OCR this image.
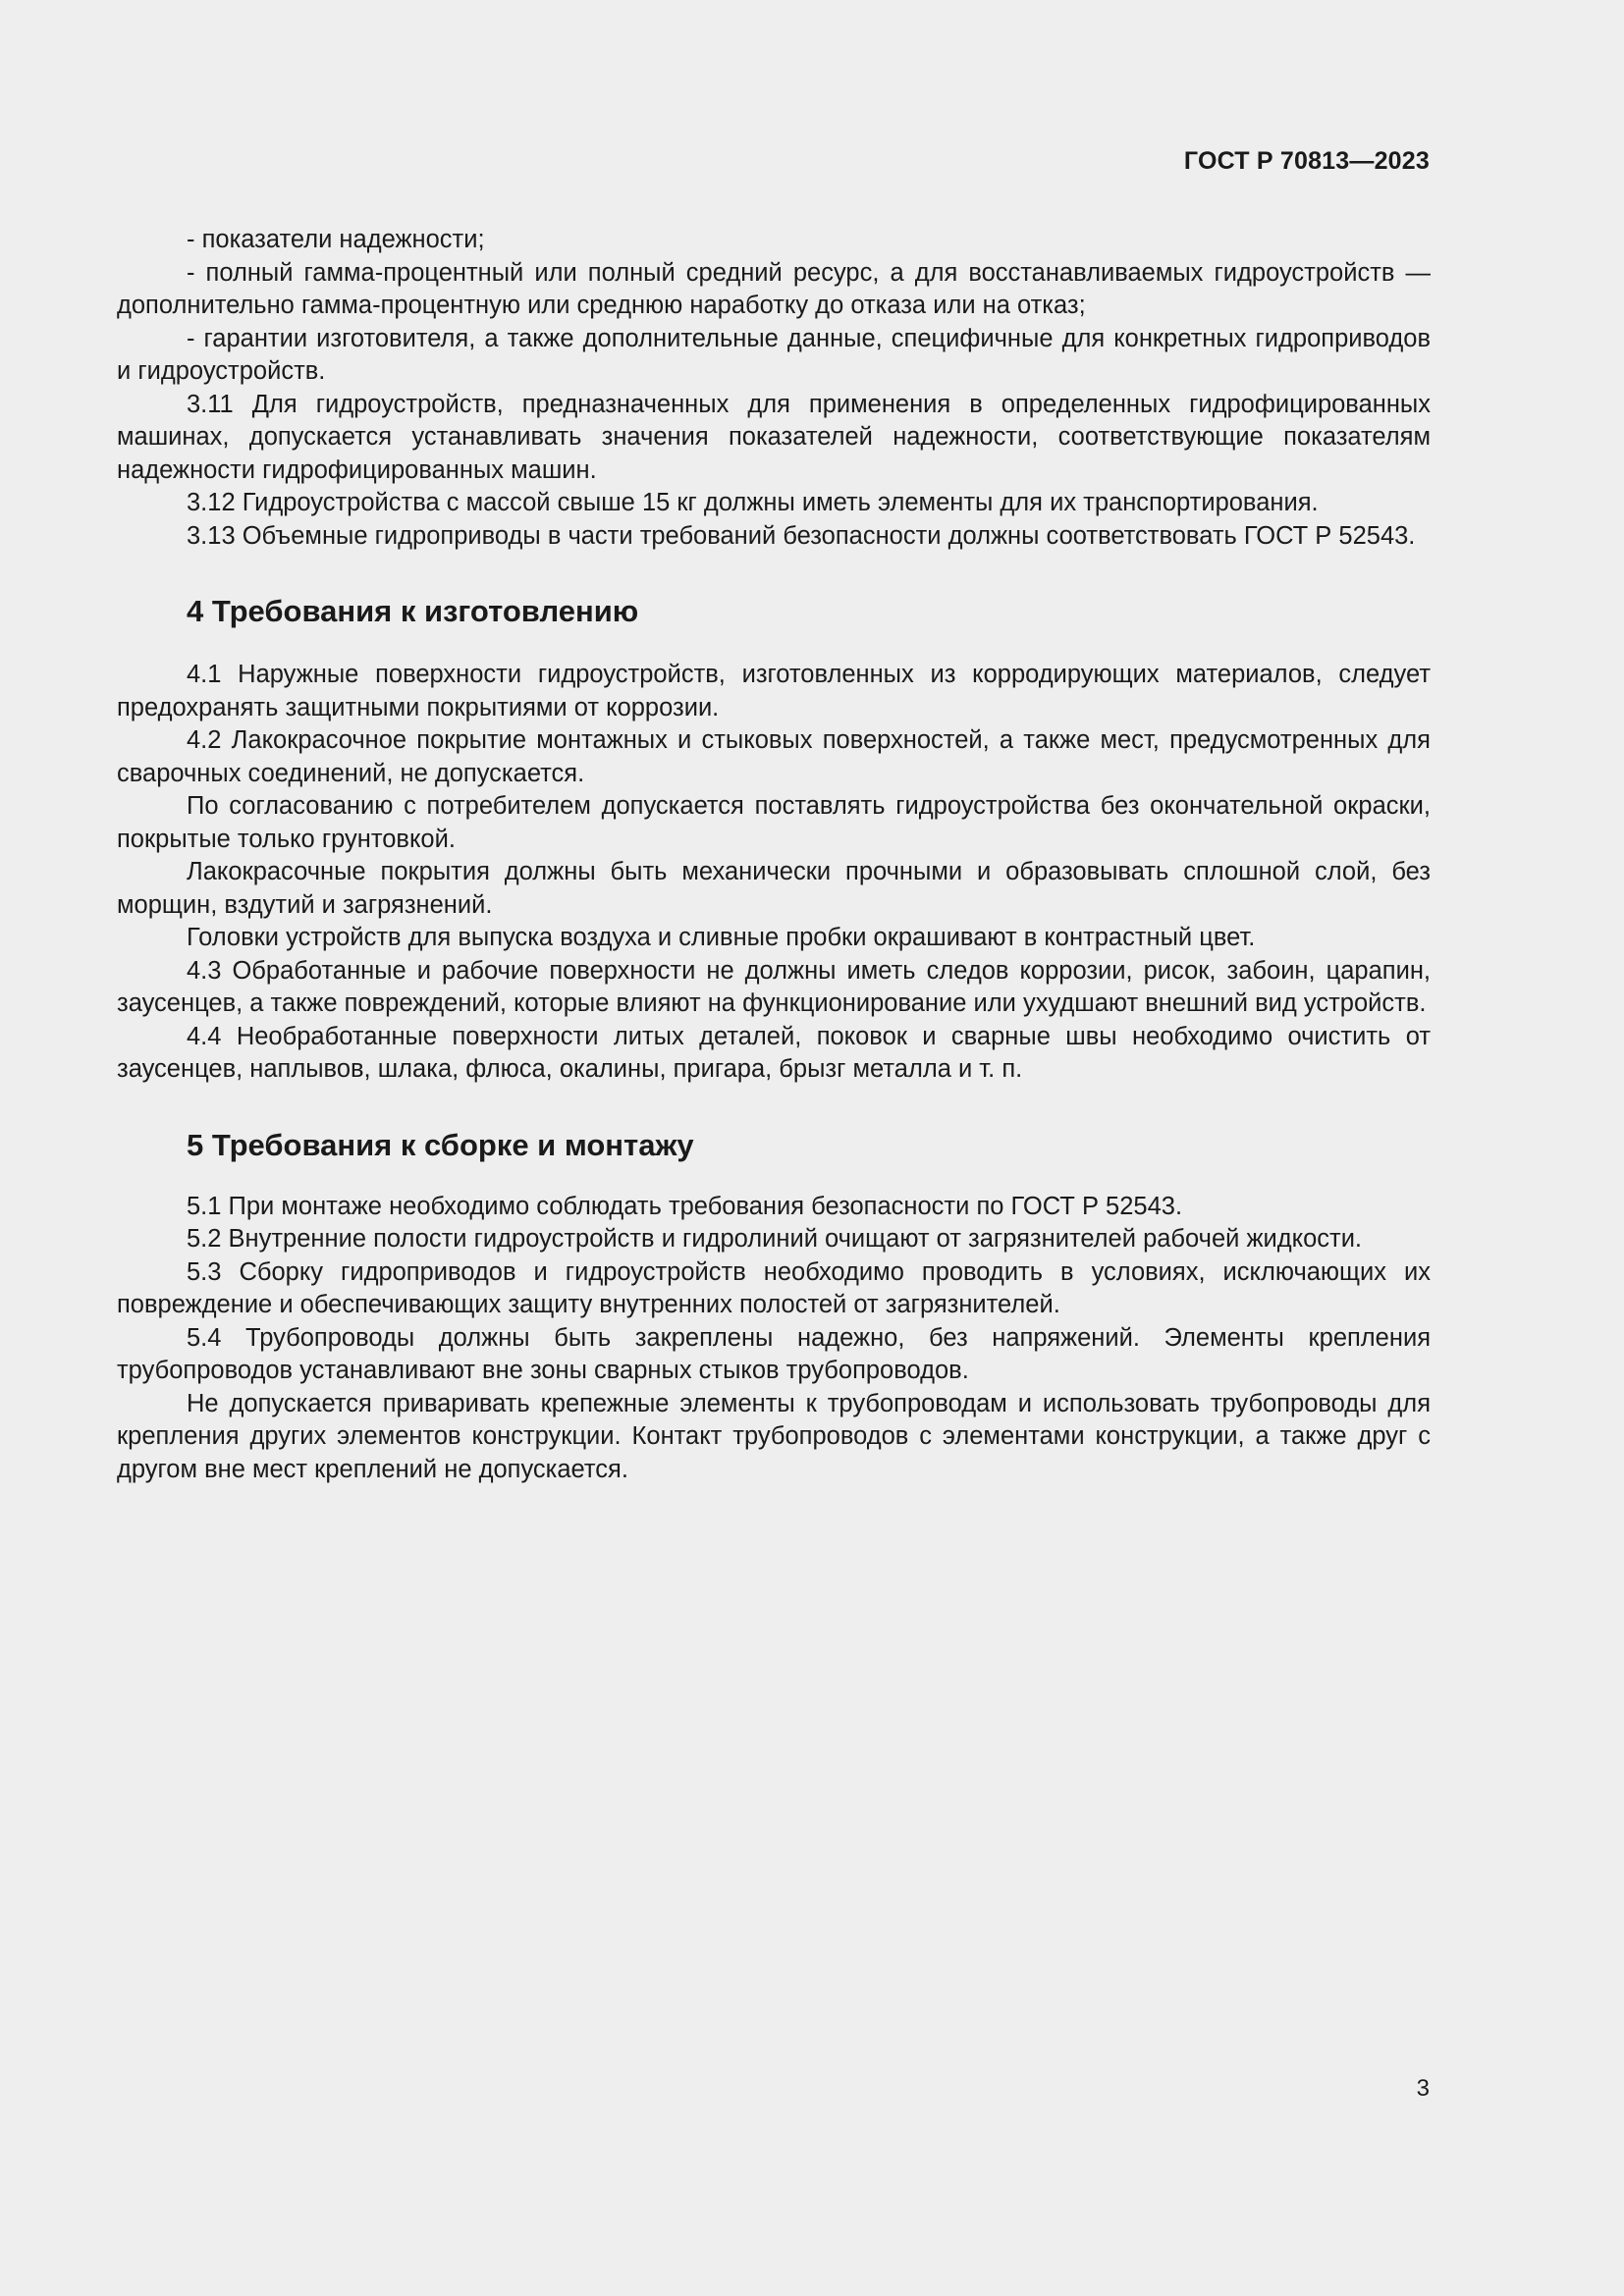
ГОСТ Р 70813—2023

- показатели надежности;

- полный гамма-процентный или полный средний ресурс, а для восстанавливаемых гидроустройств — дополнительно гамма-процентную или среднюю наработку до отказа или на отказ;

- гарантии изготовителя, а также дополнительные данные, специфичные для конкретных гидроприводов и гидроустройств.

3.11 Для гидроустройств, предназначенных для применения в определенных гидрофицированных машинах, допускается устанавливать значения показателей надежности, соответствующие показателям надежности гидрофицированных машин.

3.12 Гидроустройства с массой свыше 15 кг должны иметь элементы для их транспортирования.

3.13 Объемные гидроприводы в части требований безопасности должны соответствовать ГОСТ Р 52543.

4 Требования к изготовлению

4.1 Наружные поверхности гидроустройств, изготовленных из корродирующих материалов, следует предохранять защитными покрытиями от коррозии.

4.2 Лакокрасочное покрытие монтажных и стыковых поверхностей, а также мест, предусмотренных для сварочных соединений, не допускается.

По согласованию с потребителем допускается поставлять гидроустройства без окончательной окраски, покрытые только грунтовкой.

Лакокрасочные покрытия должны быть механически прочными и образовывать сплошной слой, без морщин, вздутий и загрязнений.

Головки устройств для выпуска воздуха и сливные пробки окрашивают в контрастный цвет.

4.3 Обработанные и рабочие поверхности не должны иметь следов коррозии, рисок, забоин, царапин, заусенцев, а также повреждений, которые влияют на функционирование или ухудшают внешний вид устройств.

4.4 Необработанные поверхности литых деталей, поковок и сварные швы необходимо очистить от заусенцев, наплывов, шлака, флюса, окалины, пригара, брызг металла и т. п.

5 Требования к сборке и монтажу

5.1 При монтаже необходимо соблюдать требования безопасности по ГОСТ Р 52543.

5.2 Внутренние полости гидроустройств и гидролиний очищают от загрязнителей рабочей жидкости.

5.3 Сборку гидроприводов и гидроустройств необходимо проводить в условиях, исключающих их повреждение и обеспечивающих защиту внутренних полостей от загрязнителей.

5.4 Трубопроводы должны быть закреплены надежно, без напряжений. Элементы крепления трубопроводов устанавливают вне зоны сварных стыков трубопроводов.

Не допускается приваривать крепежные элементы к трубопроводам и использовать трубопроводы для крепления других элементов конструкции. Контакт трубопроводов с элементами конструкции, а также друг с другом вне мест креплений не допускается.

3
